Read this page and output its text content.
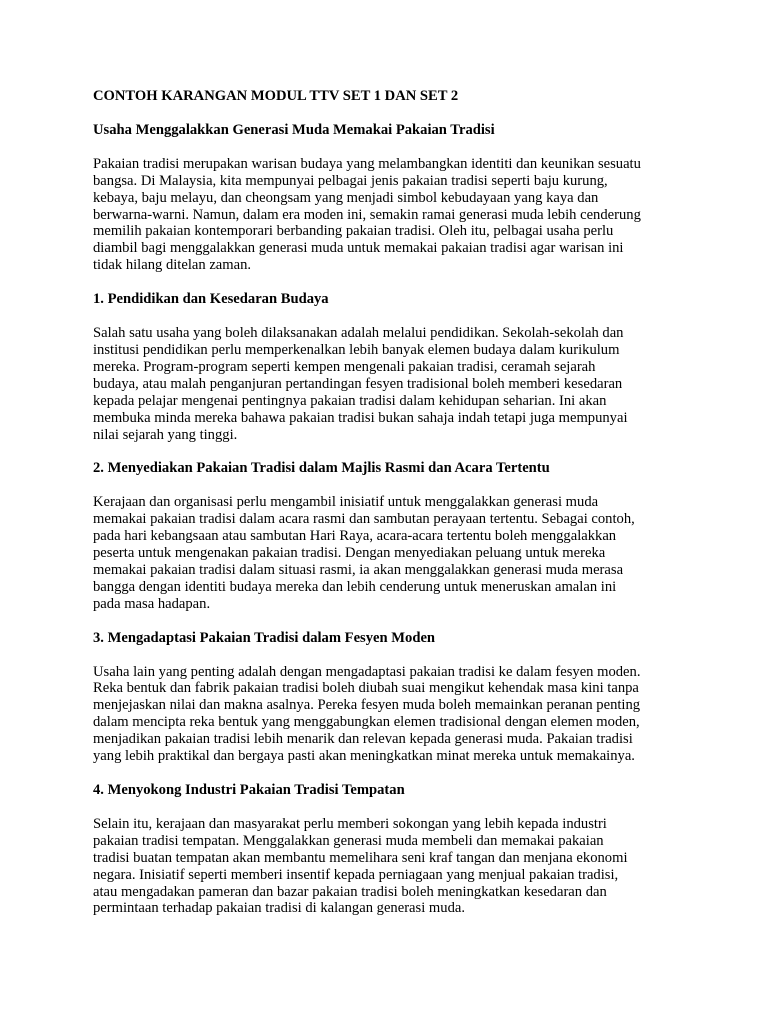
CONTOH KARANGAN MODUL TTV SET 1 DAN SET 2
Usaha Menggalakkan Generasi Muda Memakai Pakaian Tradisi
Pakaian tradisi merupakan warisan budaya yang melambangkan identiti dan keunikan sesuatu
bangsa. Di Malaysia, kita mempunyai pelbagai jenis pakaian tradisi seperti baju kurung,
kebaya, baju melayu, dan cheongsam yang menjadi simbol kebudayaan yang kaya dan
berwarna-warni. Namun, dalam era moden ini, semakin ramai generasi muda lebih cenderung
memilih pakaian kontemporari berbanding pakaian tradisi. Oleh itu, pelbagai usaha perlu
diambil bagi menggalakkan generasi muda untuk memakai pakaian tradisi agar warisan ini
tidak hilang ditelan zaman.
1. Pendidikan dan Kesedaran Budaya
Salah satu usaha yang boleh dilaksanakan adalah melalui pendidikan. Sekolah-sekolah dan
institusi pendidikan perlu memperkenalkan lebih banyak elemen budaya dalam kurikulum
mereka. Program-program seperti kempen mengenali pakaian tradisi, ceramah sejarah
budaya, atau malah penganjuran pertandingan fesyen tradisional boleh memberi kesedaran
kepada pelajar mengenai pentingnya pakaian tradisi dalam kehidupan seharian. Ini akan
membuka minda mereka bahawa pakaian tradisi bukan sahaja indah tetapi juga mempunyai
nilai sejarah yang tinggi.
2. Menyediakan Pakaian Tradisi dalam Majlis Rasmi dan Acara Tertentu
Kerajaan dan organisasi perlu mengambil inisiatif untuk menggalakkan generasi muda
memakai pakaian tradisi dalam acara rasmi dan sambutan perayaan tertentu. Sebagai contoh,
pada hari kebangsaan atau sambutan Hari Raya, acara-acara tertentu boleh menggalakkan
peserta untuk mengenakan pakaian tradisi. Dengan menyediakan peluang untuk mereka
memakai pakaian tradisi dalam situasi rasmi, ia akan menggalakkan generasi muda merasa
bangga dengan identiti budaya mereka dan lebih cenderung untuk meneruskan amalan ini
pada masa hadapan.
3. Mengadaptasi Pakaian Tradisi dalam Fesyen Moden
Usaha lain yang penting adalah dengan mengadaptasi pakaian tradisi ke dalam fesyen moden.
Reka bentuk dan fabrik pakaian tradisi boleh diubah suai mengikut kehendak masa kini tanpa
menjejaskan nilai dan makna asalnya. Pereka fesyen muda boleh memainkan peranan penting
dalam mencipta reka bentuk yang menggabungkan elemen tradisional dengan elemen moden,
menjadikan pakaian tradisi lebih menarik dan relevan kepada generasi muda. Pakaian tradisi
yang lebih praktikal dan bergaya pasti akan meningkatkan minat mereka untuk memakainya.
4. Menyokong Industri Pakaian Tradisi Tempatan
Selain itu, kerajaan dan masyarakat perlu memberi sokongan yang lebih kepada industri
pakaian tradisi tempatan. Menggalakkan generasi muda membeli dan memakai pakaian
tradisi buatan tempatan akan membantu memelihara seni kraf tangan dan menjana ekonomi
negara. Inisiatif seperti memberi insentif kepada perniagaan yang menjual pakaian tradisi,
atau mengadakan pameran dan bazar pakaian tradisi boleh meningkatkan kesedaran dan
permintaan terhadap pakaian tradisi di kalangan generasi muda.
